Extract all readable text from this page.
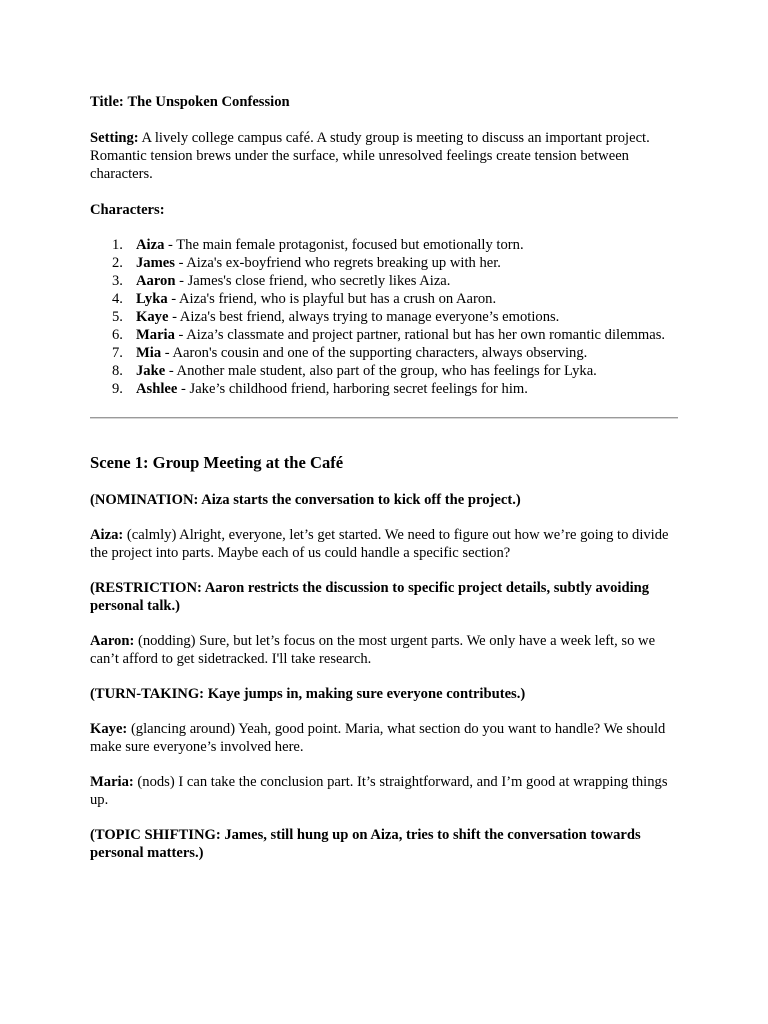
Title: The Unspoken Confession

Setting: A lively college campus café. A study group is meeting to discuss an important project. Romantic tension brews under the surface, while unresolved feelings create tension between characters.

Characters:

1. Aiza - The main female protagonist, focused but emotionally torn.
2. James - Aiza's ex-boyfriend who regrets breaking up with her.
3. Aaron - James's close friend, who secretly likes Aiza.
4. Lyka - Aiza's friend, who is playful but has a crush on Aaron.
5. Kaye - Aiza's best friend, always trying to manage everyone’s emotions.
6. Maria - Aiza’s classmate and project partner, rational but has her own romantic dilemmas.
7. Mia - Aaron's cousin and one of the supporting characters, always observing.
8. Jake - Another male student, also part of the group, who has feelings for Lyka.
9. Ashlee - Jake’s childhood friend, harboring secret feelings for him.
Scene 1: Group Meeting at the Café

(NOMINATION: Aiza starts the conversation to kick off the project.)

Aiza: (calmly) Alright, everyone, let’s get started. We need to figure out how we’re going to divide the project into parts. Maybe each of us could handle a specific section?

(RESTRICTION: Aaron restricts the discussion to specific project details, subtly avoiding personal talk.)

Aaron: (nodding) Sure, but let’s focus on the most urgent parts. We only have a week left, so we can’t afford to get sidetracked. I'll take research.

(TURN-TAKING: Kaye jumps in, making sure everyone contributes.)

Kaye: (glancing around) Yeah, good point. Maria, what section do you want to handle? We should make sure everyone’s involved here.

Maria: (nods) I can take the conclusion part. It’s straightforward, and I’m good at wrapping things up.

(TOPIC SHIFTING: James, still hung up on Aiza, tries to shift the conversation towards personal matters.)
